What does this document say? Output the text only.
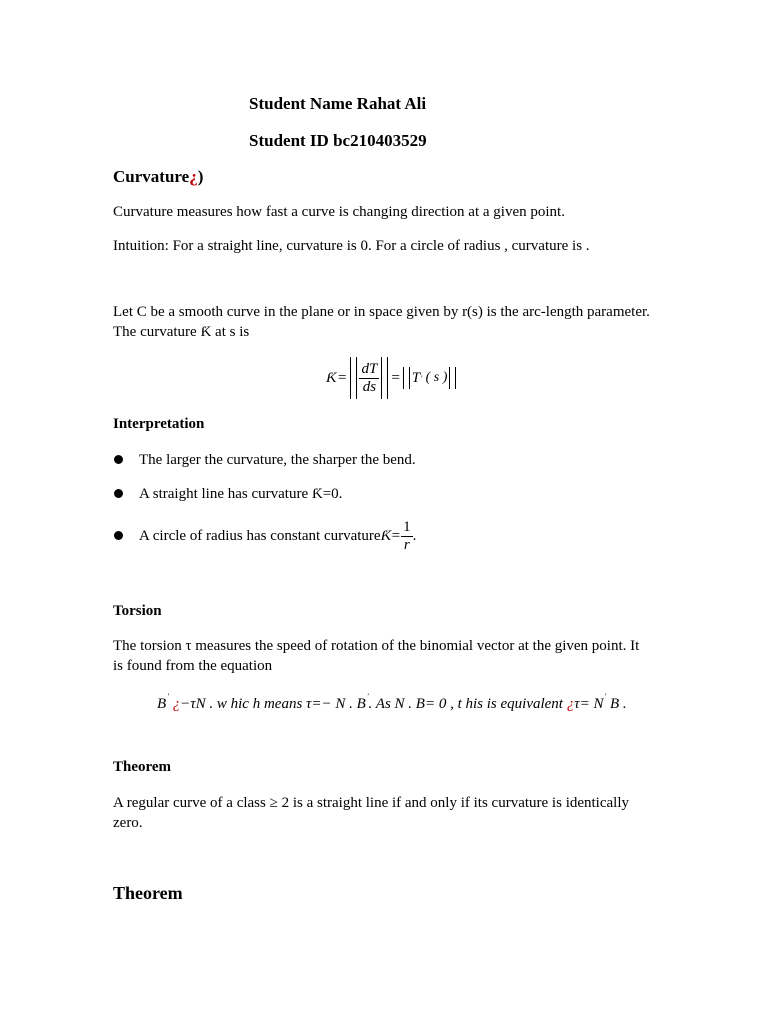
Student Name Rahat Ali
Student ID bc210403529
Curvature¿)
Curvature measures how fast a curve is changing direction at a given point.
Intuition: For a straight line, curvature is 0. For a circle of radius , curvature is .
Let C be a smooth curve in the plane or in space given by r(s) is the arc-length parameter.
The curvature Ƙ at s is
Ƙ = $\frac{dT}{ds} = T$ ' ( s )
Interpretation
The larger the curvature, the sharper the bend.
A straight line has curvature Ƙ=0.
A circle of radius has constant curvature Ƙ = $\frac{1}{r}$ .
Torsion
The torsion τ measures the speed of rotation of the binomial vector at the given point. It
is found from the equation
B' ¿−τN . w hic h means τ=− N . B'. As N . B= 0 , t his is equivalent ¿τ= N' B .
Theorem
A regular curve of a class ≥ 2 is a straight line if and only if its curvature is identically
zero.
Theorem
